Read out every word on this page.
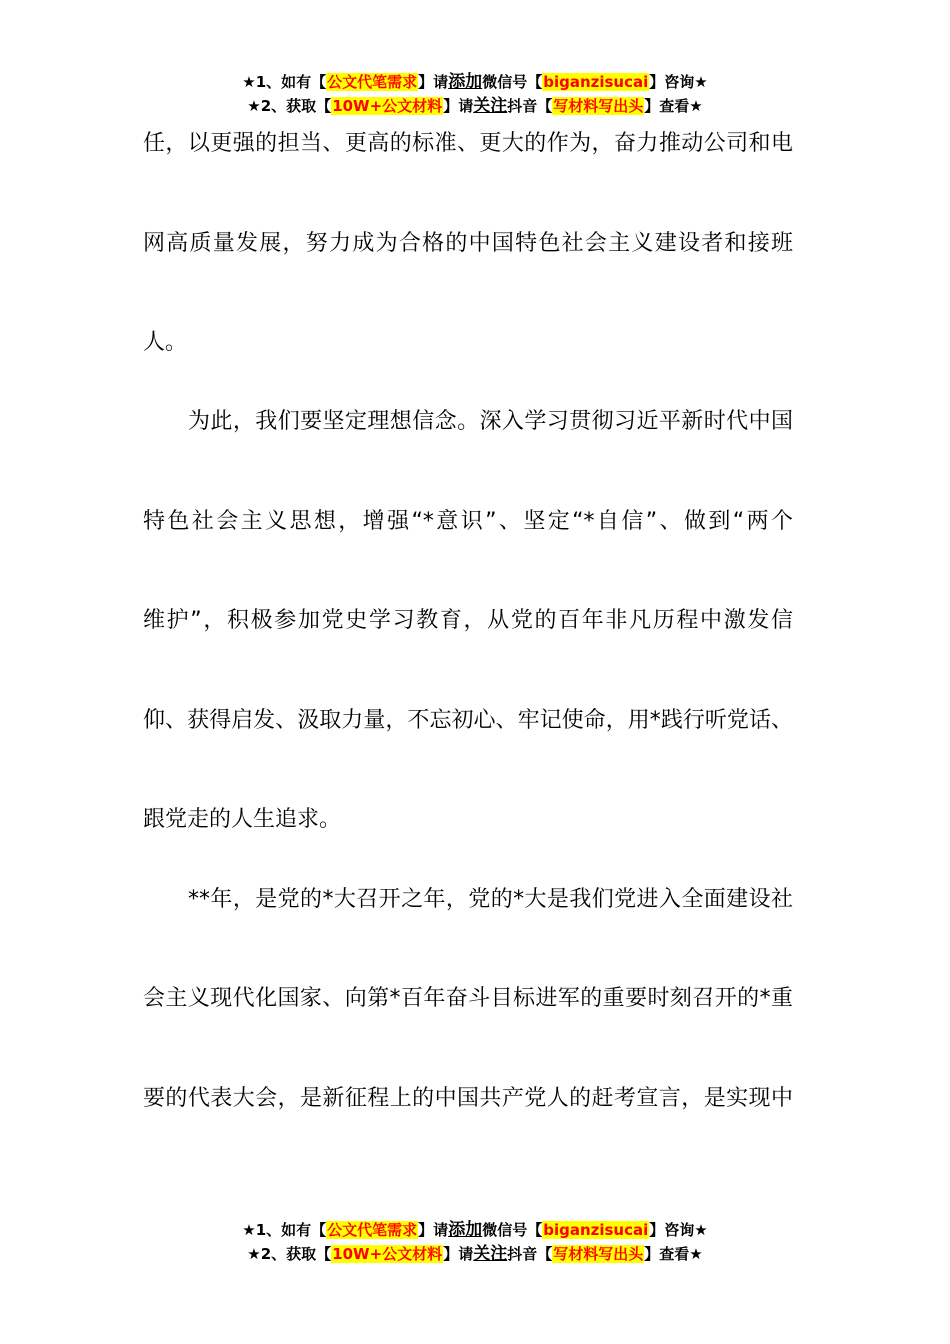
★1、如有【公文代笔需求】请添加微信号【biganzisucai】咨询★
★2、获取【10W+公文材料】请关注抖音【写材料写出头】查看★
任，以更强的担当、更高的标准、更大的作为，奋力推动公司和电
网高质量发展，努力成为合格的中国特色社会主义建设者和接班
人。
为此，我们要坚定理想信念。深入学习贯彻习近平新时代中国
特色社会主义思想，增强“*意识”、坚定“*自信”、做到“两个
维护”，积极参加党史学习教育，从党的百年非凡历程中激发信
仰、获得启发、汲取力量，不忘初心、牢记使命，用*践行听党话、
跟党走的人生追求。
**年，是党的*大召开之年，党的*大是我们党进入全面建设社
会主义现代化国家、向第*百年奋斗目标进军的重要时刻召开的*重
要的代表大会，是新征程上的中国共产党人的赶考宣言，是实现中
★1、如有【公文代笔需求】请添加微信号【biganzisucai】咨询★
★2、获取【10W+公文材料】请关注抖音【写材料写出头】查看★
